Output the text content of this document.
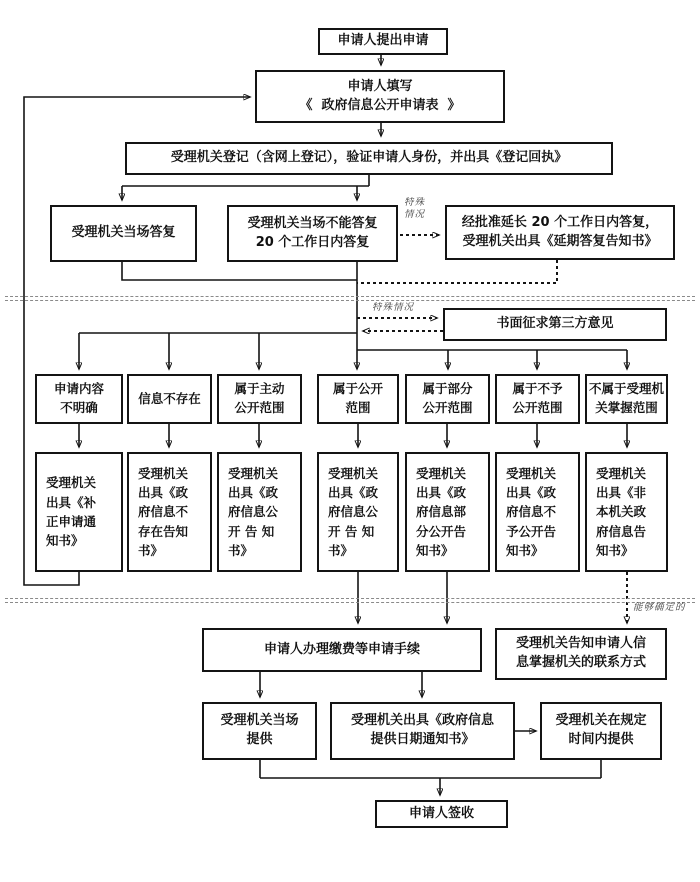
特殊情况
特殊情况
能够确定的
申请人提出申请
申请人填写
《  政府信息公开申请表  》
受理机关登记（含网上登记），验证申请人身份，并出具《登记回执》
受理机关当场答复
受理机关当场不能答复
20 个工作日内答复
经批准延长 20 个工作日内答复，
受理机关出具《延期答复告知书》
书面征求第三方意见
申请内容
不明确
信息不存在
属于主动
公开范围
属于公开
范围
属于部分
公开范围
属于不予
公开范围
不属于受理机
关掌握范围
受理机关
出具《补
正申请通
知书》
受理机关
出具《政
府信息不
存在告知
书》
受理机关
出具《政
府信息公
开 告 知
书》
受理机关
出具《政
府信息公
开 告 知
书》
受理机关
出具《政
府信息部
分公开告
知书》
受理机关
出具《政
府信息不
予公开告
知书》
受理机关
出具《非
本机关政
府信息告
知书》
申请人办理缴费等申请手续	受理机关告知申请人信
息掌握机关的联系方式
受理机关当场
提供
受理机关出具《政府信息
提供日期通知书》
受理机关在规定
时间内提供
申请人签收
